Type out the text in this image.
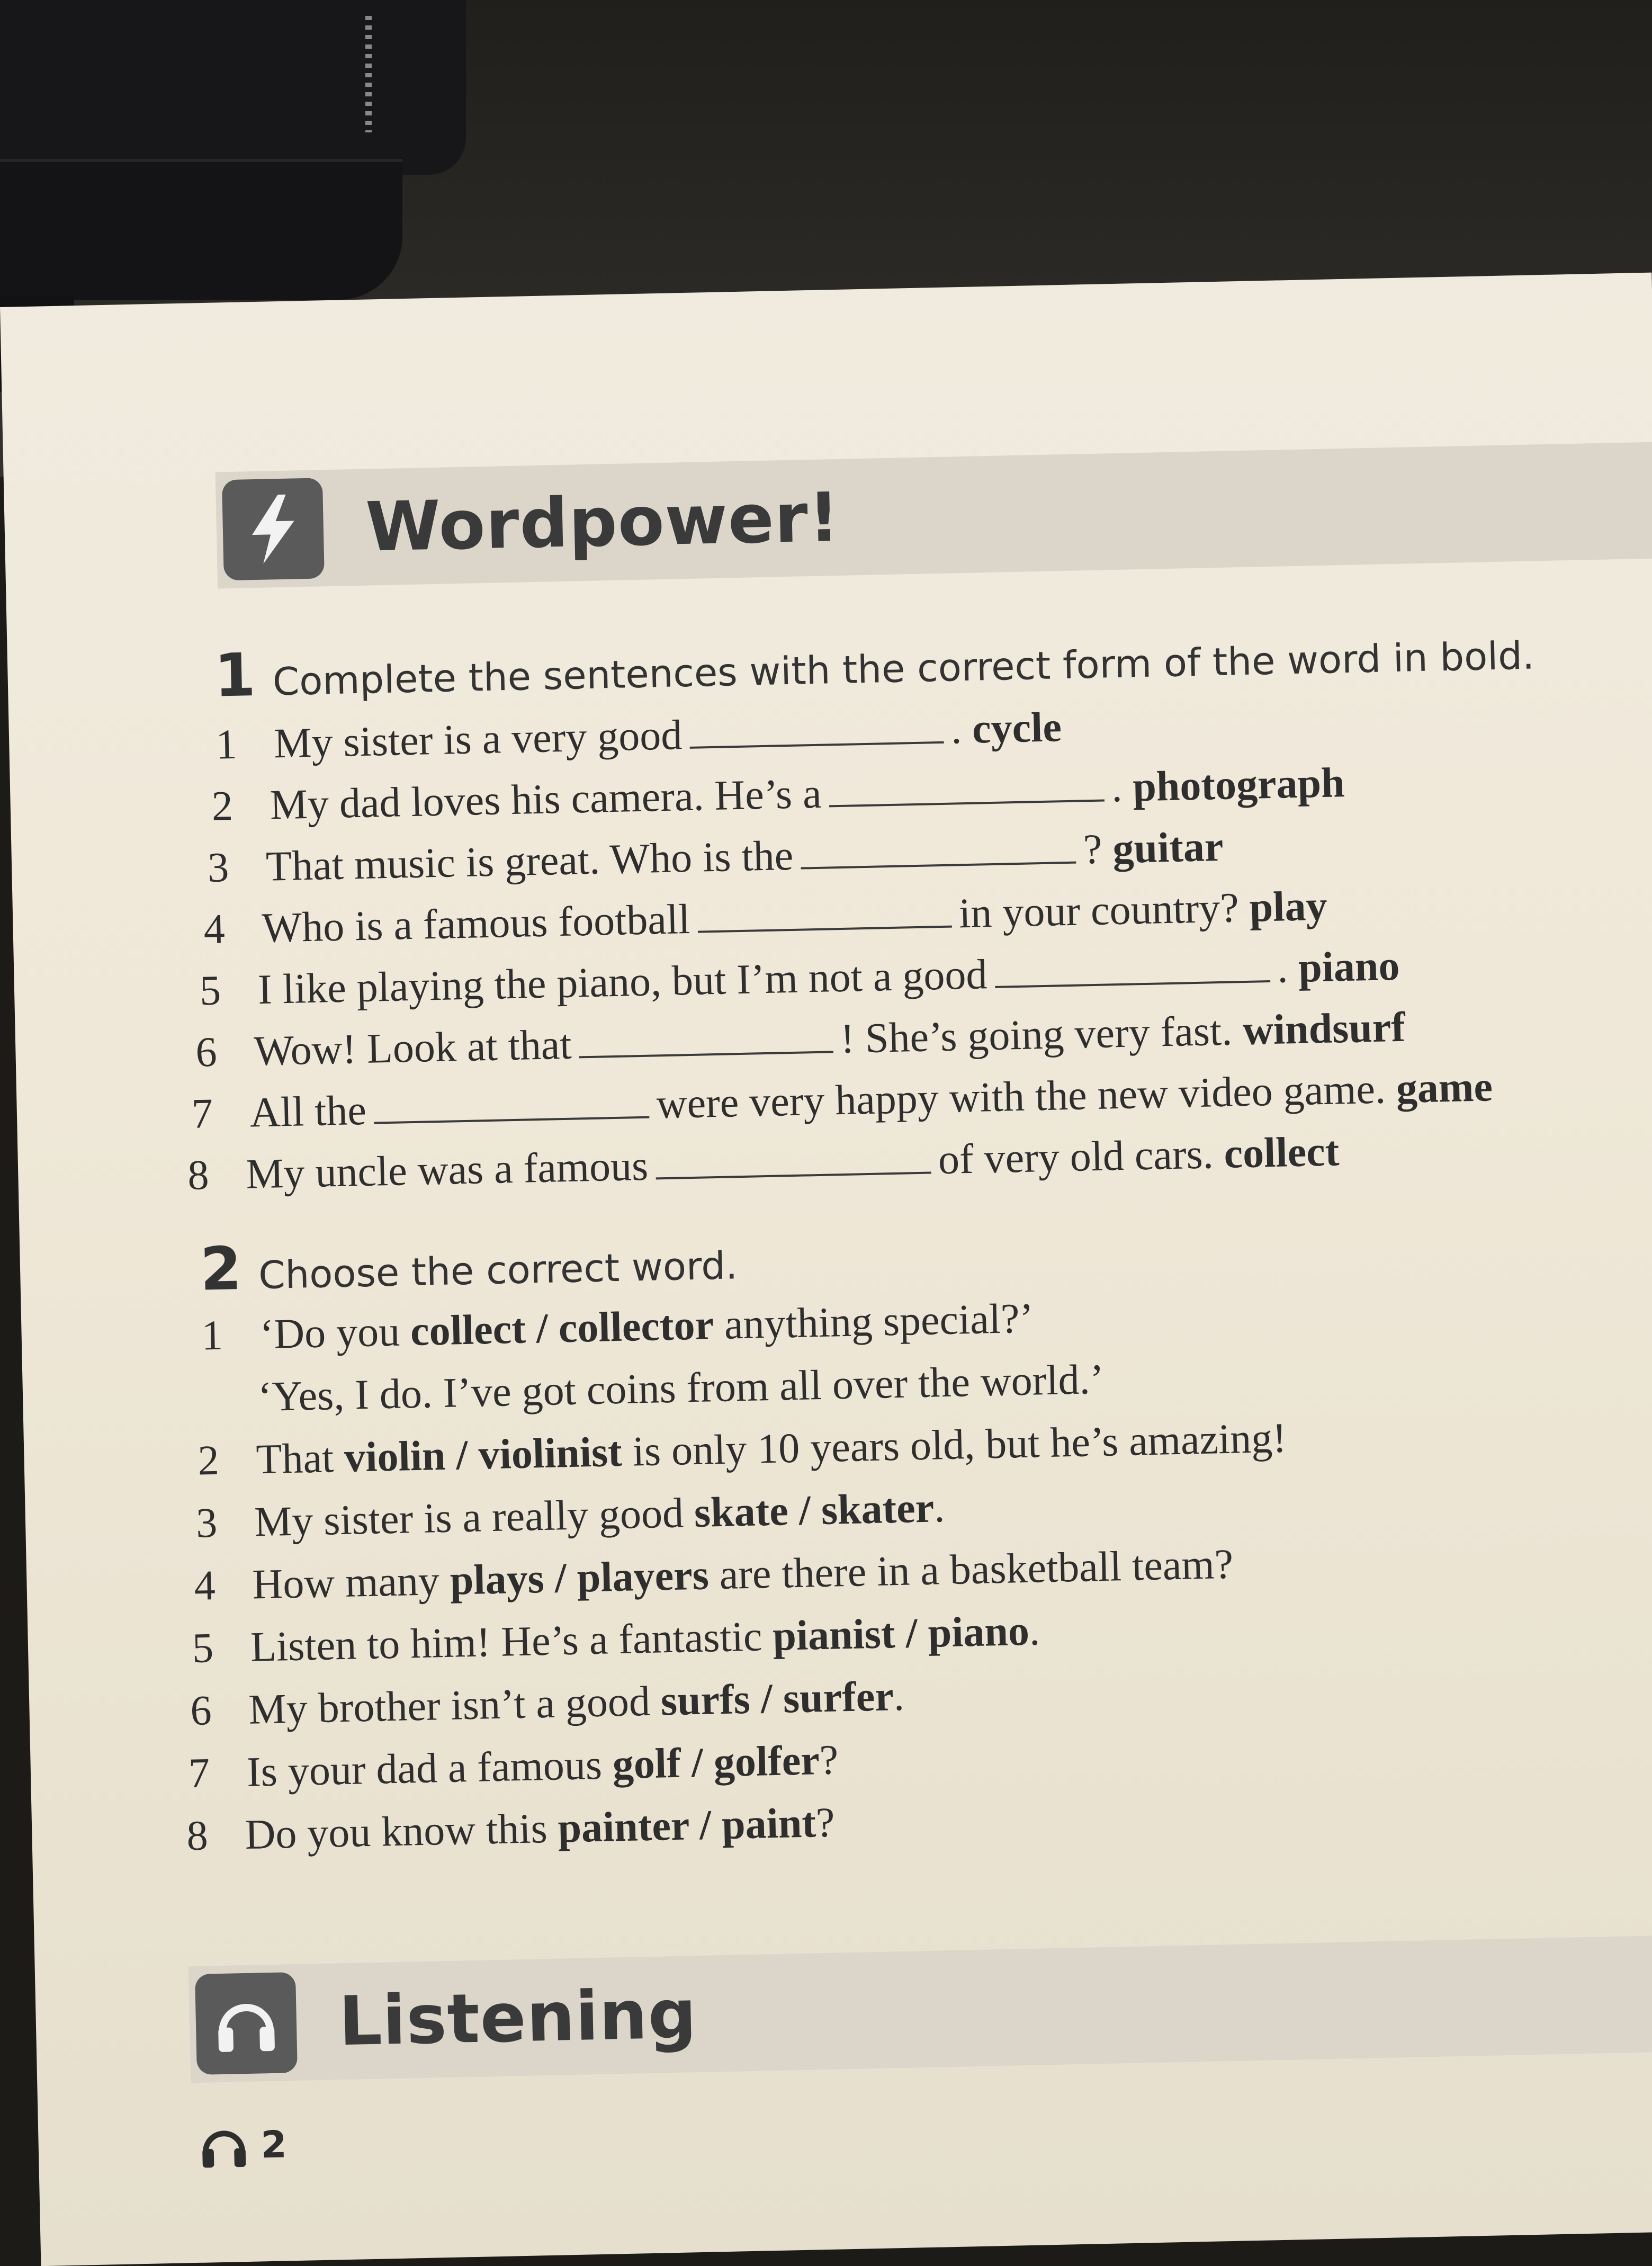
Wordpower!
1 Complete the sentences with the correct form of the word in bold.
1 My sister is a very good	.
cycle
2 My dad loves his camera. He’s a	.
photograph
3 That music is great. Who is the	?
guitar
4 Who is a famous football	in your country?
play
5 I like playing the piano, but I’m not a good	.
piano
6 Wow! Look at that	! She’s going very fast.
windsurf
7 All the	were very happy with the new video game.
game
8 My uncle was a famous	of very old cars.
collect
2 Choose the correct word.
1 ‘Do you collect / collector anything special?’
‘Yes, I do. I’ve got coins from all over the world.’
2 That violin / violinist is only 10 years old, but he’s amazing!
3 My sister is a really good skate / skater.
4 How many plays / players are there in a basketball team?
5 Listen to him! He’s a fantastic pianist / piano.
6 My brother isn’t a good surfs / surfer.
7 Is your dad a famous golf / golfer?
8 Do you know this painter / paint?
Listening
2
